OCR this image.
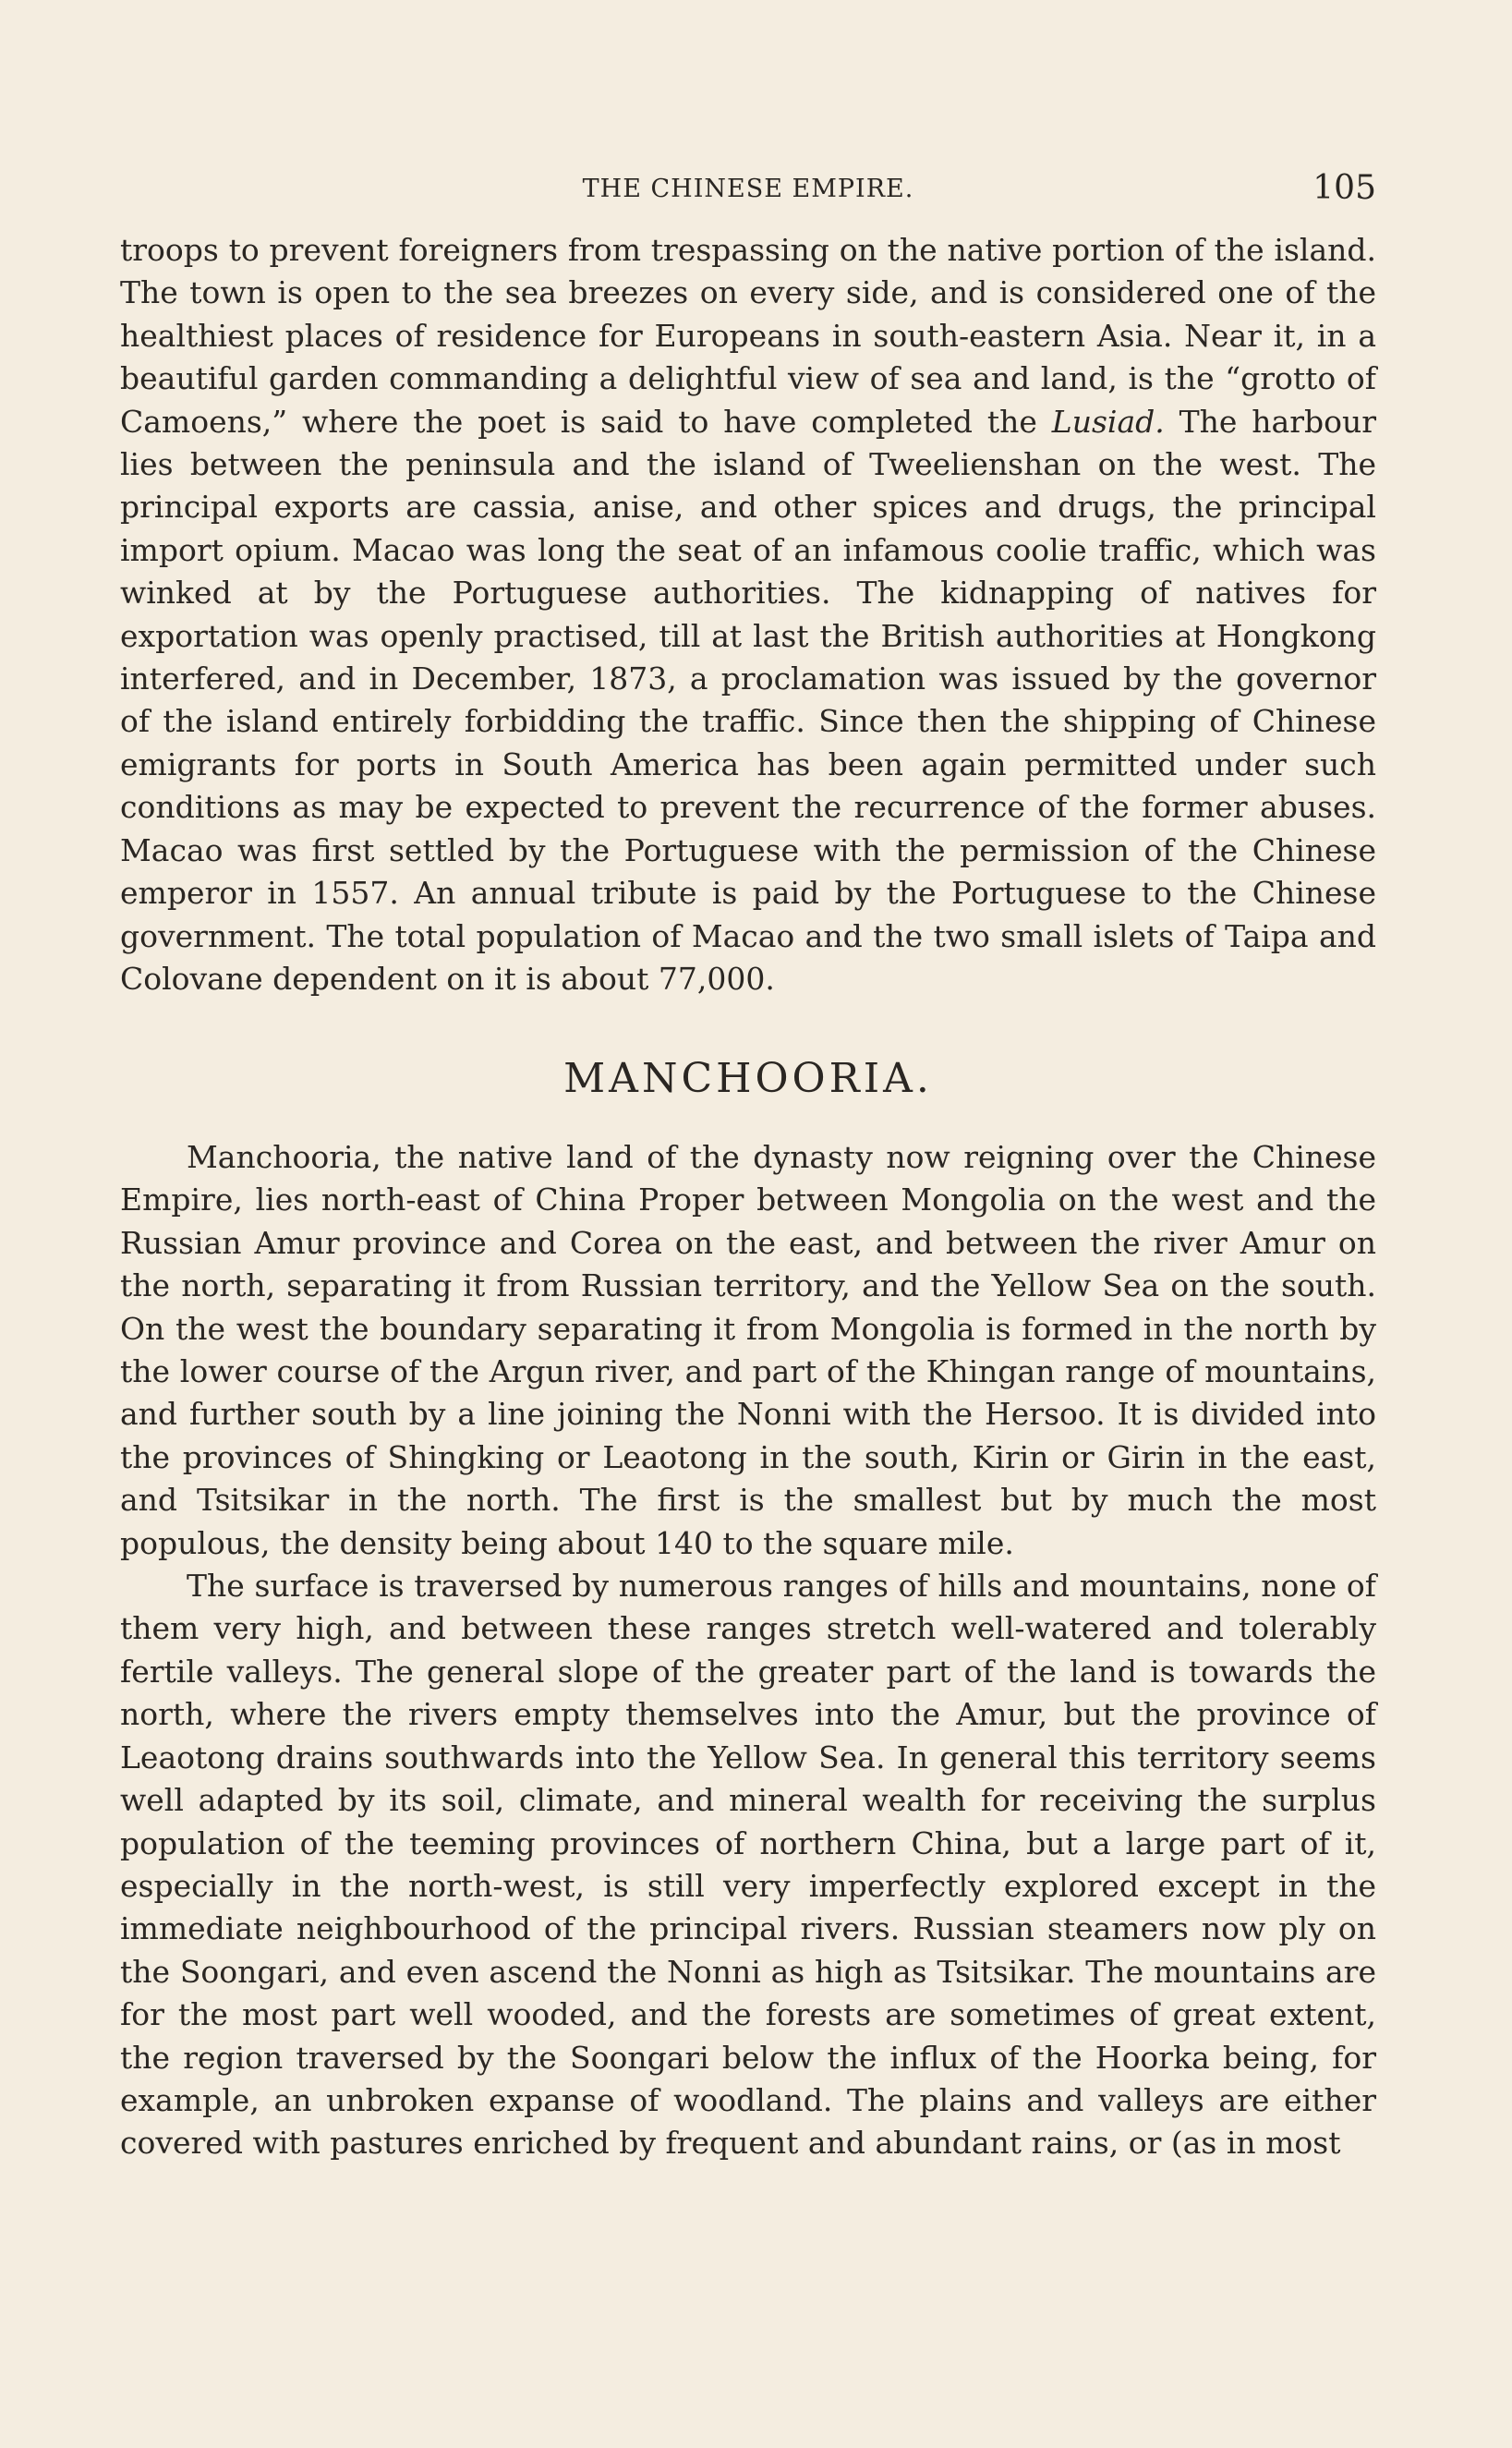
THE CHINESE EMPIRE.	105

troops to prevent foreigners from trespassing on the native portion of the island. The town is open to the sea breezes on every side, and is considered one of the healthiest places of residence for Europeans in south-eastern Asia. Near it, in a beautiful garden commanding a delightful view of sea and land, is the “grotto of Camoens,” where the poet is said to have completed the Lusiad. The harbour lies between the peninsula and the island of Tweelienshan on the west. The principal exports are cassia, anise, and other spices and drugs, the principal import opium. Macao was long the seat of an infamous coolie traffic, which was winked at by the Portuguese authorities. The kidnapping of natives for exportation was openly practised, till at last the British authorities at Hongkong interfered, and in December, 1873, a proclamation was issued by the governor of the island entirely forbidding the traffic. Since then the shipping of Chinese emigrants for ports in South America has been again permitted under such conditions as may be expected to prevent the recurrence of the former abuses. Macao was first settled by the Portuguese with the permission of the Chinese emperor in 1557. An annual tribute is paid by the Portuguese to the Chinese government. The total population of Macao and the two small islets of Taipa and Colovane dependent on it is about 77,000.

MANCHOORIA.

Manchooria, the native land of the dynasty now reigning over the Chinese Empire, lies north-east of China Proper between Mongolia on the west and the Russian Amur province and Corea on the east, and between the river Amur on the north, separating it from Russian territory, and the Yellow Sea on the south. On the west the boundary separating it from Mongolia is formed in the north by the lower course of the Argun river, and part of the Khingan range of mountains, and further south by a line joining the Nonni with the Hersoo. It is divided into the provinces of Shingking or Leaotong in the south, Kirin or Girin in the east, and Tsitsikar in the north. The first is the smallest but by much the most populous, the density being about 140 to the square mile.

The surface is traversed by numerous ranges of hills and mountains, none of them very high, and between these ranges stretch well-watered and tolerably fertile valleys. The general slope of the greater part of the land is towards the north, where the rivers empty themselves into the Amur, but the province of Leaotong drains southwards into the Yellow Sea. In general this territory seems well adapted by its soil, climate, and mineral wealth for receiving the surplus population of the teeming provinces of northern China, but a large part of it, especially in the north-west, is still very imperfectly explored except in the immediate neighbourhood of the principal rivers. Russian steamers now ply on the Soongari, and even ascend the Nonni as high as Tsitsikar. The mountains are for the most part well wooded, and the forests are sometimes of great extent, the region traversed by the Soongari below the influx of the Hoorka being, for example, an unbroken expanse of woodland. The plains and valleys are either covered with pastures enriched by frequent and abundant rains, or (as in most
